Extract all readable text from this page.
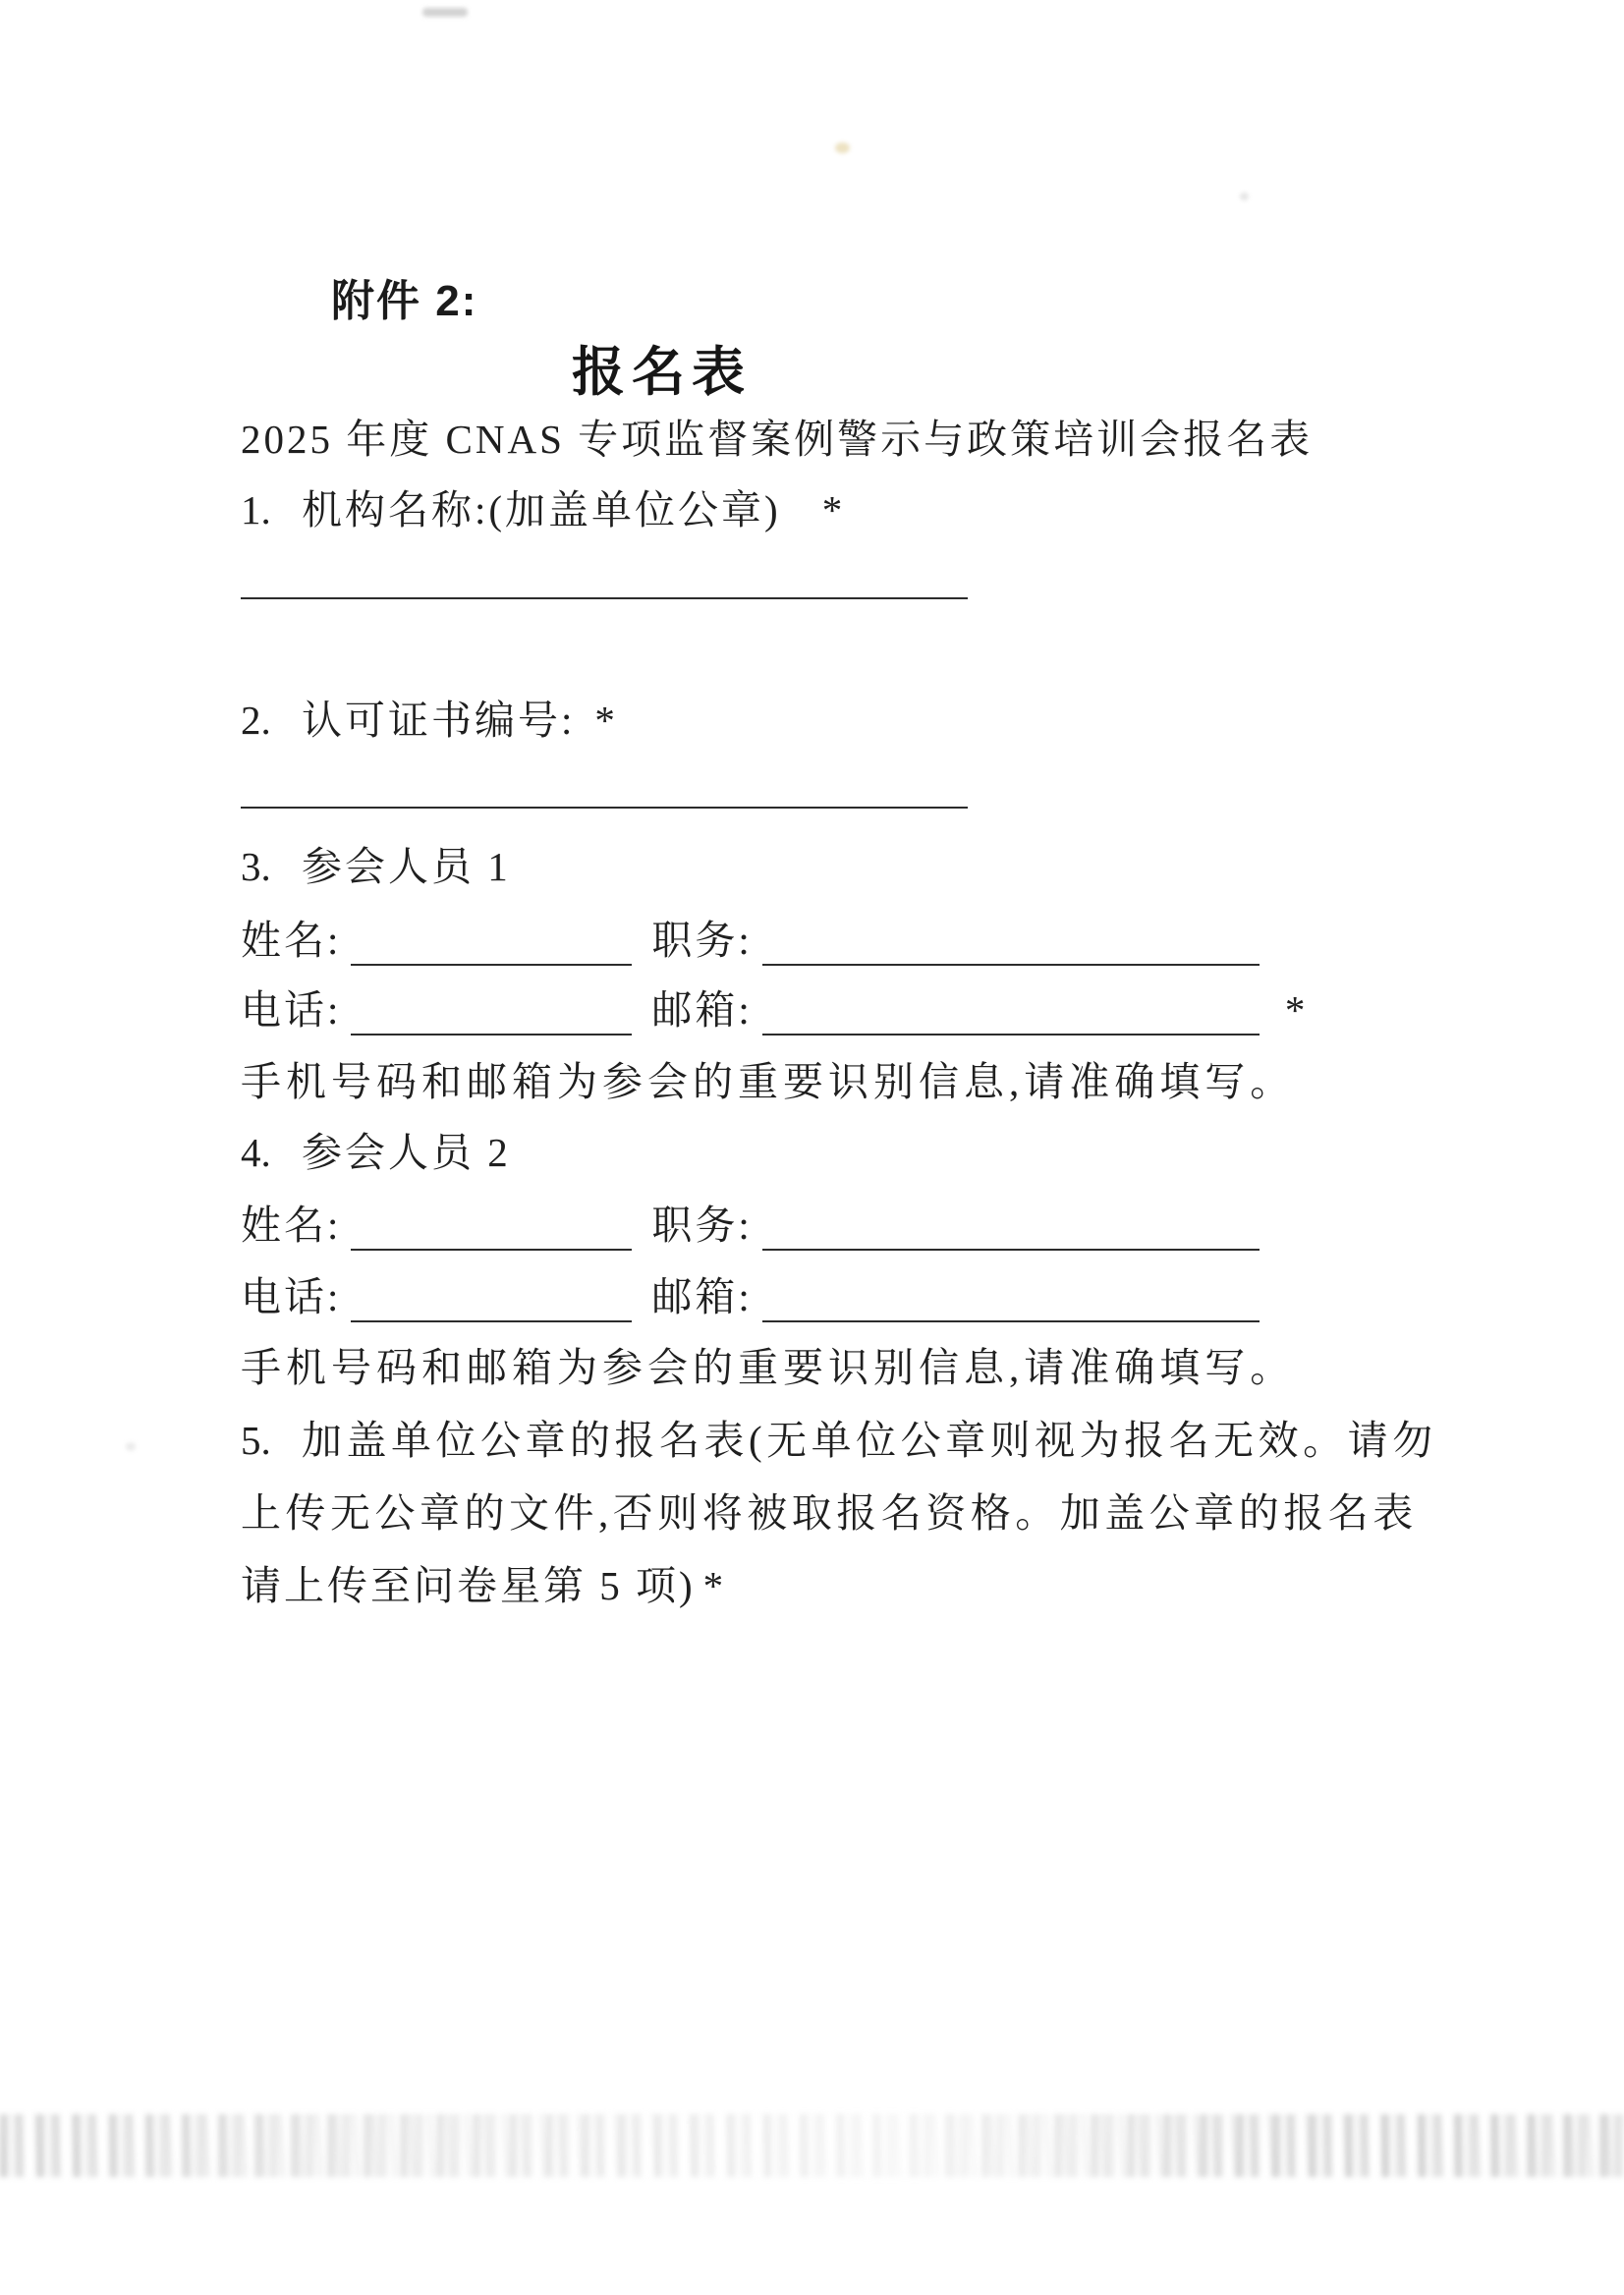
附件 2:
报名表
2025 年度 CNAS 专项监督案例警示与政策培训会报名表
1. 机构名称:(加盖单位公章) *
2. 认可证书编号: *
3. 参会人员 1
姓名:	职务:
电话:	邮箱:	*
手机号码和邮箱为参会的重要识别信息,请准确填写。
4. 参会人员 2
姓名:	职务:
电话:	邮箱:
手机号码和邮箱为参会的重要识别信息,请准确填写。
5. 加盖单位公章的报名表(无单位公章则视为报名无效。请勿
上传无公章的文件,否则将被取报名资格。加盖公章的报名表
请上传至问卷星第 5 项) *
